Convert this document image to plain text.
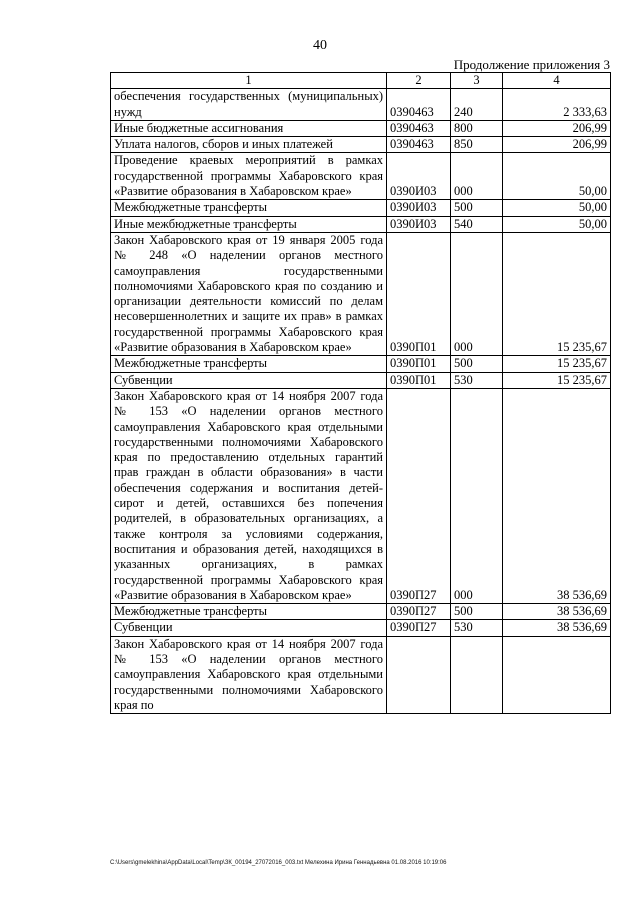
40
Продолжение приложения 3
1	2	3	4
обеспечения государственных (муниципальных) нужд	0390463	240	2 333,63
Иные бюджетные ассигнования	0390463	800	206,99
Уплата налогов, сборов и иных платежей	0390463	850	206,99
Проведение краевых мероприятий в рамках государственной программы Хабаровского края «Развитие образования в Хабаровском крае»	0390И03	000	50,00
Межбюджетные трансферты	0390И03	500	50,00
Иные межбюджетные трансферты	0390И03	540	50,00
Закон Хабаровского края от 19 января 2005 года № 248 «О наделении органов местного самоуправления государственными полномочиями Хабаровского края по созданию и организации деятельности комиссий по делам несовершеннолетних и защите их прав» в рамках государственной программы Хабаровского края «Развитие образования в Хабаровском крае»	0390П01	000	15 235,67
Межбюджетные трансферты	0390П01	500	15 235,67
Субвенции	0390П01	530	15 235,67
Закон Хабаровского края от 14 ноября 2007 года № 153 «О наделении органов местного самоуправления Хабаровского края отдельными государственными полномочиями Хабаровского края по предоставлению отдельных гарантий прав граждан в области образования» в части обеспечения содержания и воспитания детей-сирот и детей, оставшихся без попечения родителей, в образовательных организациях, а также контроля за условиями содержания, воспитания и образования детей, находящихся в указанных организациях, в рамках государственной программы Хабаровского края «Развитие образования в Хабаровском крае»	0390П27	000	38 536,69
Межбюджетные трансферты	0390П27	500	38 536,69
Субвенции	0390П27	530	38 536,69
Закон Хабаровского края от 14 ноября 2007 года № 153 «О наделении органов местного самоуправления Хабаровского края отдельными государственными полномочиями Хабаровского края по			
C:\Users\gmelekhina\AppData\Local\Temp\ЗК_00194_27072016_003.txt Мелехина Ирина Геннадьевна 01.08.2016 10:19:06
